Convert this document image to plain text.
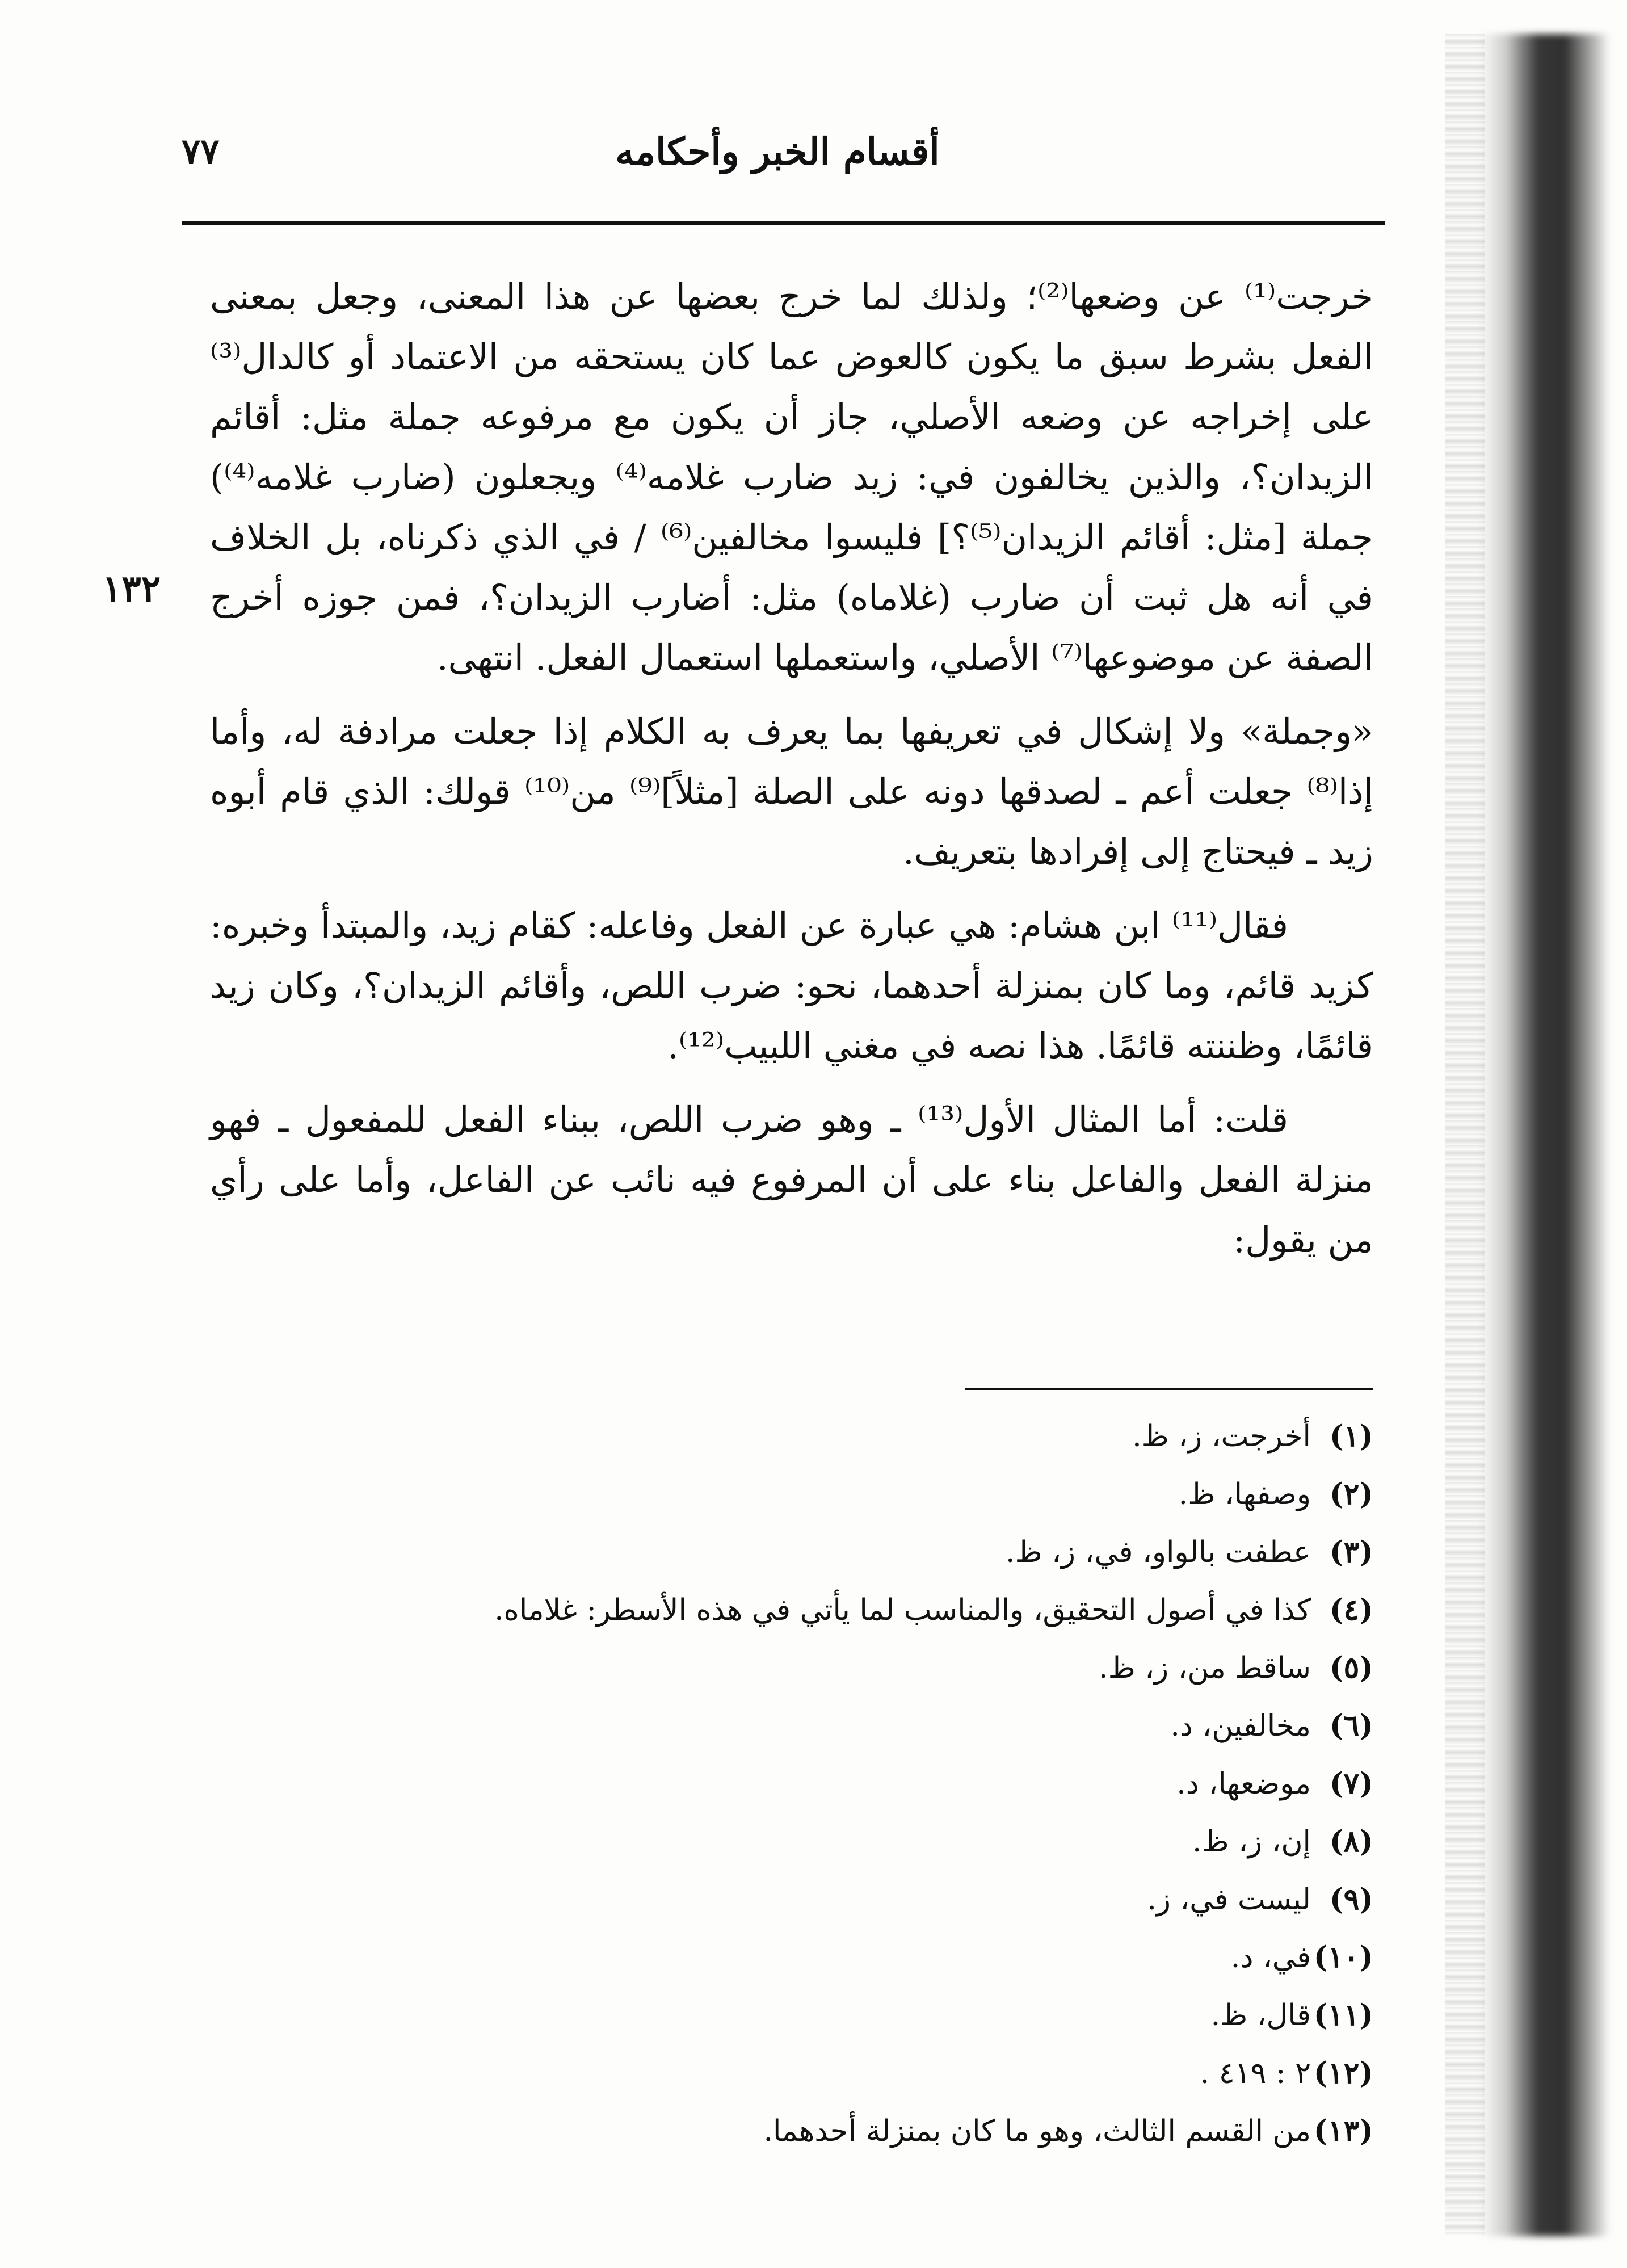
٧٧	أقسام الخبر وأحكامه
١٣٢

خرجت⁽¹⁾ عن وضعها⁽²⁾؛ ولذلك لما خرج بعضها عن هذا المعنى، وجعل بمعنى الفعل بشرط سبق ما يكون كالعوض عما كان يستحقه من الاعتماد أو كالدال⁽³⁾ على إخراجه عن وضعه الأصلي، جاز أن يكون مع مرفوعه جملة مثل: أقائم الزيدان؟، والذين يخالفون في: زيد ضارب غلامه⁽⁴⁾ ويجعلون (ضارب غلامه⁽⁴⁾) جملة [مثل: أقائم الزيدان⁽⁵⁾؟] فليسوا مخالفين⁽⁶⁾ / في الذي ذكرناه، بل الخلاف في أنه هل ثبت أن ضارب (غلاماه) مثل: أضارب الزيدان؟، فمن جوزه أخرج الصفة عن موضوعها⁽⁷⁾ الأصلي، واستعملها استعمال الفعل. انتهى.

«وجملة» ولا إشكال في تعريفها بما يعرف به الكلام إذا جعلت مرادفة له، وأما إذا⁽⁸⁾ جعلت أعم ـ لصدقها دونه على الصلة [مثلاً]⁽⁹⁾ من⁽¹⁰⁾ قولك: الذي قام أبوه زيد ـ فيحتاج إلى إفرادها بتعريف.

فقال⁽¹¹⁾ ابن هشام: هي عبارة عن الفعل وفاعله: كقام زيد، والمبتدأ وخبره: كزيد قائم، وما كان بمنزلة أحدهما، نحو: ضرب اللص، وأقائم الزيدان؟، وكان زيد قائمًا، وظننته قائمًا. هذا نصه في مغني اللبيب⁽¹²⁾.

قلت: أما المثال الأول⁽¹³⁾ ـ وهو ضرب اللص، ببناء الفعل للمفعول ـ فهو منزلة الفعل والفاعل بناء على أن المرفوع فيه نائب عن الفاعل، وأما على رأي من يقول:

(١)أخرجت، ز، ظ.
(٢)وصفها، ظ.
(٣)عطفت بالواو، في، ز، ظ.
(٤)كذا في أصول التحقيق، والمناسب لما يأتي في هذه الأسطر: غلاماه.
(٥)ساقط من، ز، ظ.
(٦)مخالفين، د.
(٧)موضعها، د.
(٨)إن، ز، ظ.
(٩)ليست في، ز.
(١٠)في، د.
(١١)قال، ظ.
(١٢)٢ : ٤١٩ .
(١٣)من القسم الثالث، وهو ما كان بمنزلة أحدهما.
